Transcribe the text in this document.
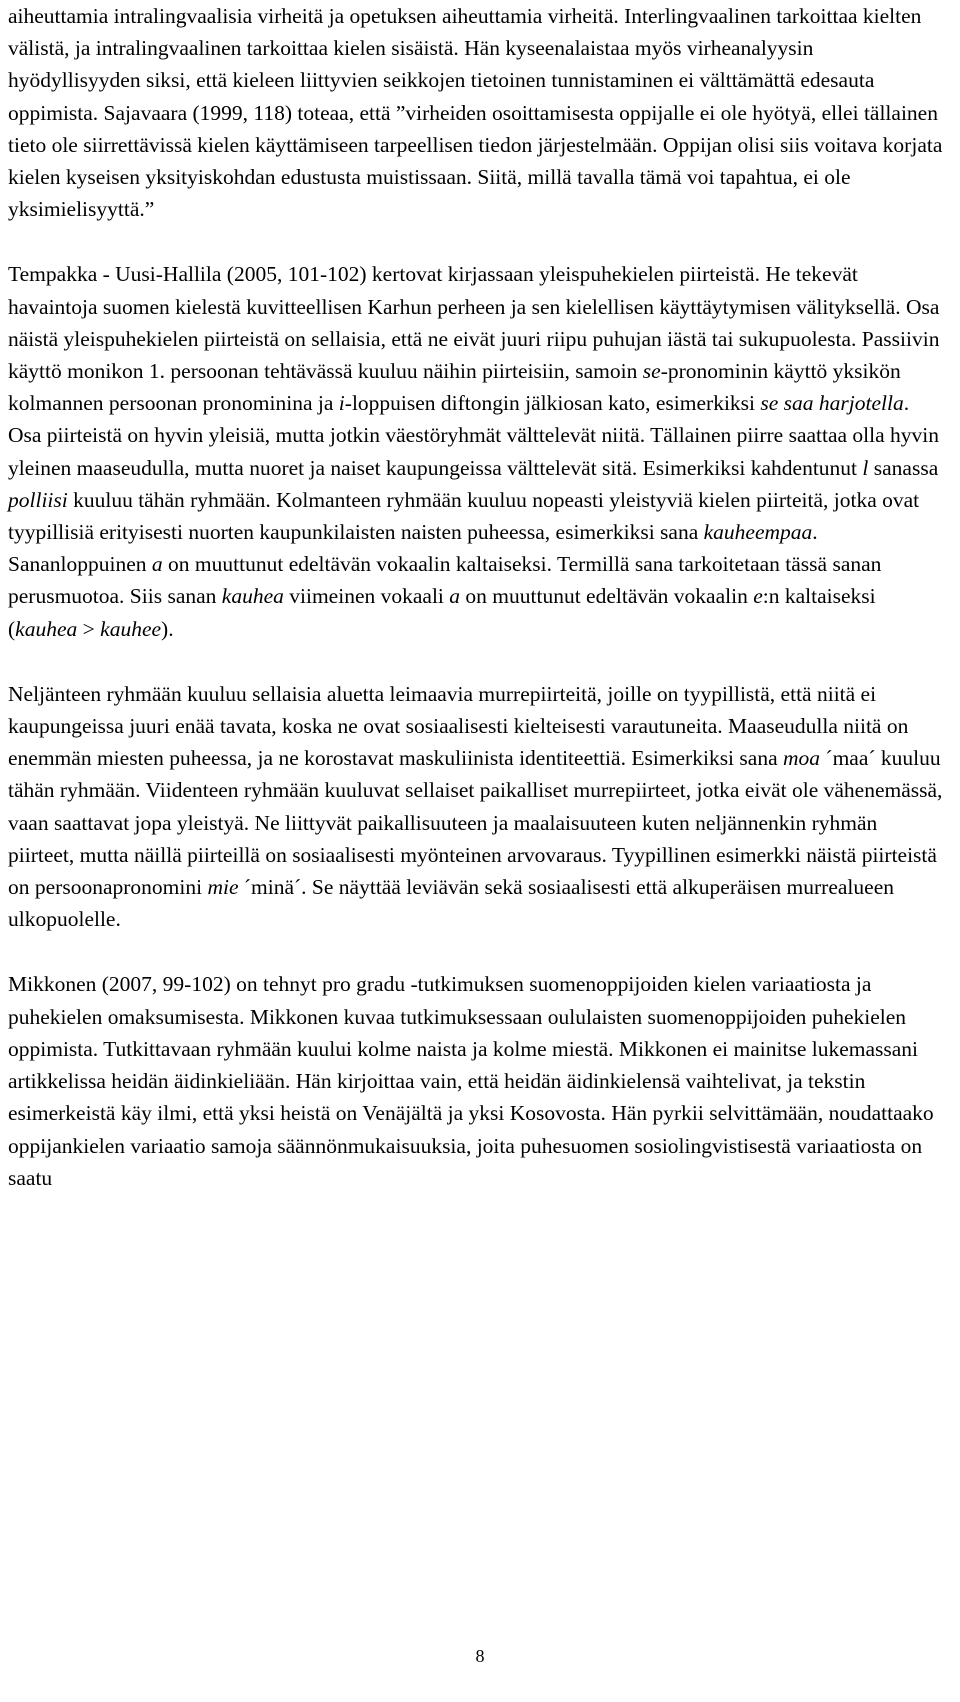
aiheuttamia intralingvaalisia virheitä ja opetuksen aiheuttamia virheitä. Interlingvaalinen tarkoittaa kielten välistä, ja intralingvaalinen tarkoittaa kielen sisäistä. Hän kyseenalaistaa myös virheanalyysin hyödyllisyyden siksi, että kieleen liittyvien seikkojen tietoinen tunnistaminen ei välttämättä edesauta oppimista. Sajavaara (1999, 118) toteaa, että ”virheiden osoittamisesta oppijalle ei ole hyötyä, ellei tällainen tieto ole siirrettävissä kielen käyttämiseen tarpeellisen tiedon järjestelmään. Oppijan olisi siis voitava korjata kielen kyseisen yksityiskohdan edustusta muistissaan. Siitä, millä tavalla tämä voi tapahtua, ei ole yksimielisyyttä.”

Tempakka - Uusi-Hallila (2005, 101-102) kertovat kirjassaan yleispuhekielen piirteistä. He tekevät havaintoja suomen kielestä kuvitteellisen Karhun perheen ja sen kielellisen käyttäytymisen välityksellä. Osa näistä yleispuhekielen piirteistä on sellaisia, että ne eivät juuri riipu puhujan iästä tai sukupuolesta. Passiivin käyttö monikon 1. persoonan tehtävässä kuuluu näihin piirteisiin, samoin se-pronominin käyttö yksikön kolmannen persoonan pronominina ja i-loppuisen diftongin jälkiosan kato, esimerkiksi se saa harjotella. Osa piirteistä on hyvin yleisiä, mutta jotkin väestöryhmät välttelevät niitä. Tällainen piirre saattaa olla hyvin yleinen maaseudulla, mutta nuoret ja naiset kaupungeissa välttelevät sitä. Esimerkiksi kahdentunut l sanassa polliisi kuuluu tähän ryhmään. Kolmanteen ryhmään kuuluu nopeasti yleistyviä kielen piirteitä, jotka ovat tyypillisiä erityisesti nuorten kaupunkilaisten naisten puheessa, esimerkiksi sana kauheempaa. Sananloppuinen a on muuttunut edeltävän vokaalin kaltaiseksi. Termillä sana tarkoitetaan tässä sanan perusmuotoa. Siis sanan kauhea viimeinen vokaali a on muuttunut edeltävän vokaalin e:n kaltaiseksi (kauhea > kauhee).

Neljänteen ryhmään kuuluu sellaisia aluetta leimaavia murrepiirteitä, joille on tyypillistä, että niitä ei kaupungeissa juuri enää tavata, koska ne ovat sosiaalisesti kielteisesti varautuneita. Maaseudulla niitä on enemmän miesten puheessa, ja ne korostavat maskuliinista identiteettiä. Esimerkiksi sana moa ´maa´ kuuluu tähän ryhmään. Viidenteen ryhmään kuuluvat sellaiset paikalliset murrepiirteet, jotka eivät ole vähenemässä, vaan saattavat jopa yleistyä. Ne liittyvät paikallisuuteen ja maalaisuuteen kuten neljännenkin ryhmän piirteet, mutta näillä piirteillä on sosiaalisesti myönteinen arvovaraus. Tyypillinen esimerkki näistä piirteistä on persoonapronomini mie ´minä´. Se näyttää leviävän sekä sosiaalisesti että alkuperäisen murrealueen ulkopuolelle.

Mikkonen (2007, 99-102) on tehnyt pro gradu -tutkimuksen suomenoppijoiden kielen variaatiosta ja puhekielen omaksumisesta. Mikkonen kuvaa tutkimuksessaan oululaisten suomenoppijoiden puhekielen oppimista. Tutkittavaan ryhmään kuului kolme naista ja kolme miestä. Mikkonen ei mainitse lukemassani artikkelissa heidän äidinkieliään. Hän kirjoittaa vain, että heidän äidinkielensä vaihtelivat, ja tekstin esimerkeistä käy ilmi, että yksi heistä on Venäjältä ja yksi Kosovosta. Hän pyrkii selvittämään, noudattaako oppijankielen variaatio samoja säännönmukaisuuksia, joita puhesuomen sosiolingvistisestä variaatiosta on saatu

8
